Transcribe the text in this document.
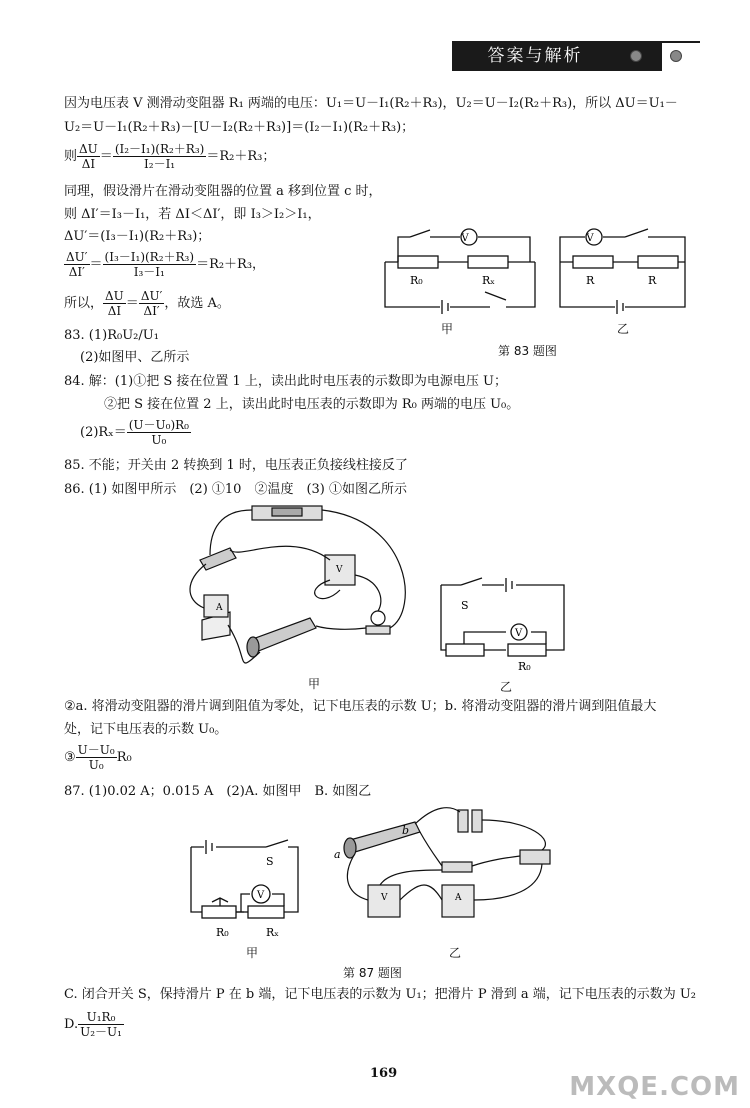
答案与解析
因为电压表 V 测滑动变阻器 R₁ 两端的电压：U₁＝U－I₁(R₂＋R₃)，U₂＝U－I₂(R₂＋R₃)，所以 ΔU＝U₁－
U₂＝U－I₁(R₂＋R₃)－[U－I₂(R₂＋R₃)]＝(I₂－I₁)(R₂＋R₃)；
则 $\frac{\Delta U}{\Delta I} = \frac{\text{(I₂－I₁)(R₂＋R₃)}}{\text{I₂－I₁}} =R_2+R_3$；
同理，假设滑片在滑动变阻器的位置 a 移到位置 c 时，
则 ΔI′＝I₃－I₁，若 ΔI＜ΔI′，即 I₃＞I₂＞I₁，
ΔU′＝(I₃－I₁)(R₂＋R₃)；
$\frac{\Delta U'}{\Delta I'} = \frac{\text{(I₃－I₁)(R₂＋R₃)}}{\text{I₃－I₁}} =R_2+R_3$，
所以， $\frac{\Delta U}{\Delta I} = \frac{\Delta U'}{\Delta I'}$ ，故选 A。
83. (1)R₀U₂/U₁
(2)如图甲、乙所示
V	V
R₀	Rₓ	R	R
甲	乙
第 83 题图
84. 解：(1)①把 S 接在位置 1 上，读出此时电压表的示数即为电源电压 U；
②把 S 接在位置 2 上，读出此时电压表的示数即为 R₀ 两端的电压 U₀。
$(2)R_x= \frac{\text{(U－U₀)R₀}}{\text{U₀}}$
85. 不能；开关由 2 转换到 1 时，电压表正负接线柱接反了
86. (1) 如图甲所示　(2) ①10　②温度　(3) ①如图乙所示
A
V
甲
V
S
R₀
乙
②a. 将滑动变阻器的滑片调到阻值为零处，记下电压表的示数 U；b. 将滑动变阻器的滑片调到阻值最大
处，记下电压表的示数 U₀。
③ $\frac{\text{U－U₀}}{\text{U₀}} R_0$
87. (1)0.02 A；0.015 A　(2)A. 如图甲　B. 如图乙
V
S
R₀	Rₓ
甲
b
a
V	A
乙
第 87 题图
C. 闭合开关 S，保持滑片 P 在 b 端，记下电压表的示数为 U₁；把滑片 P 滑到 a 端，记下电压表的示数为 U₂
D. $\frac{\text{U₁R₀}}{\text{U₂－U₁}}$
169	MXQE.COM
